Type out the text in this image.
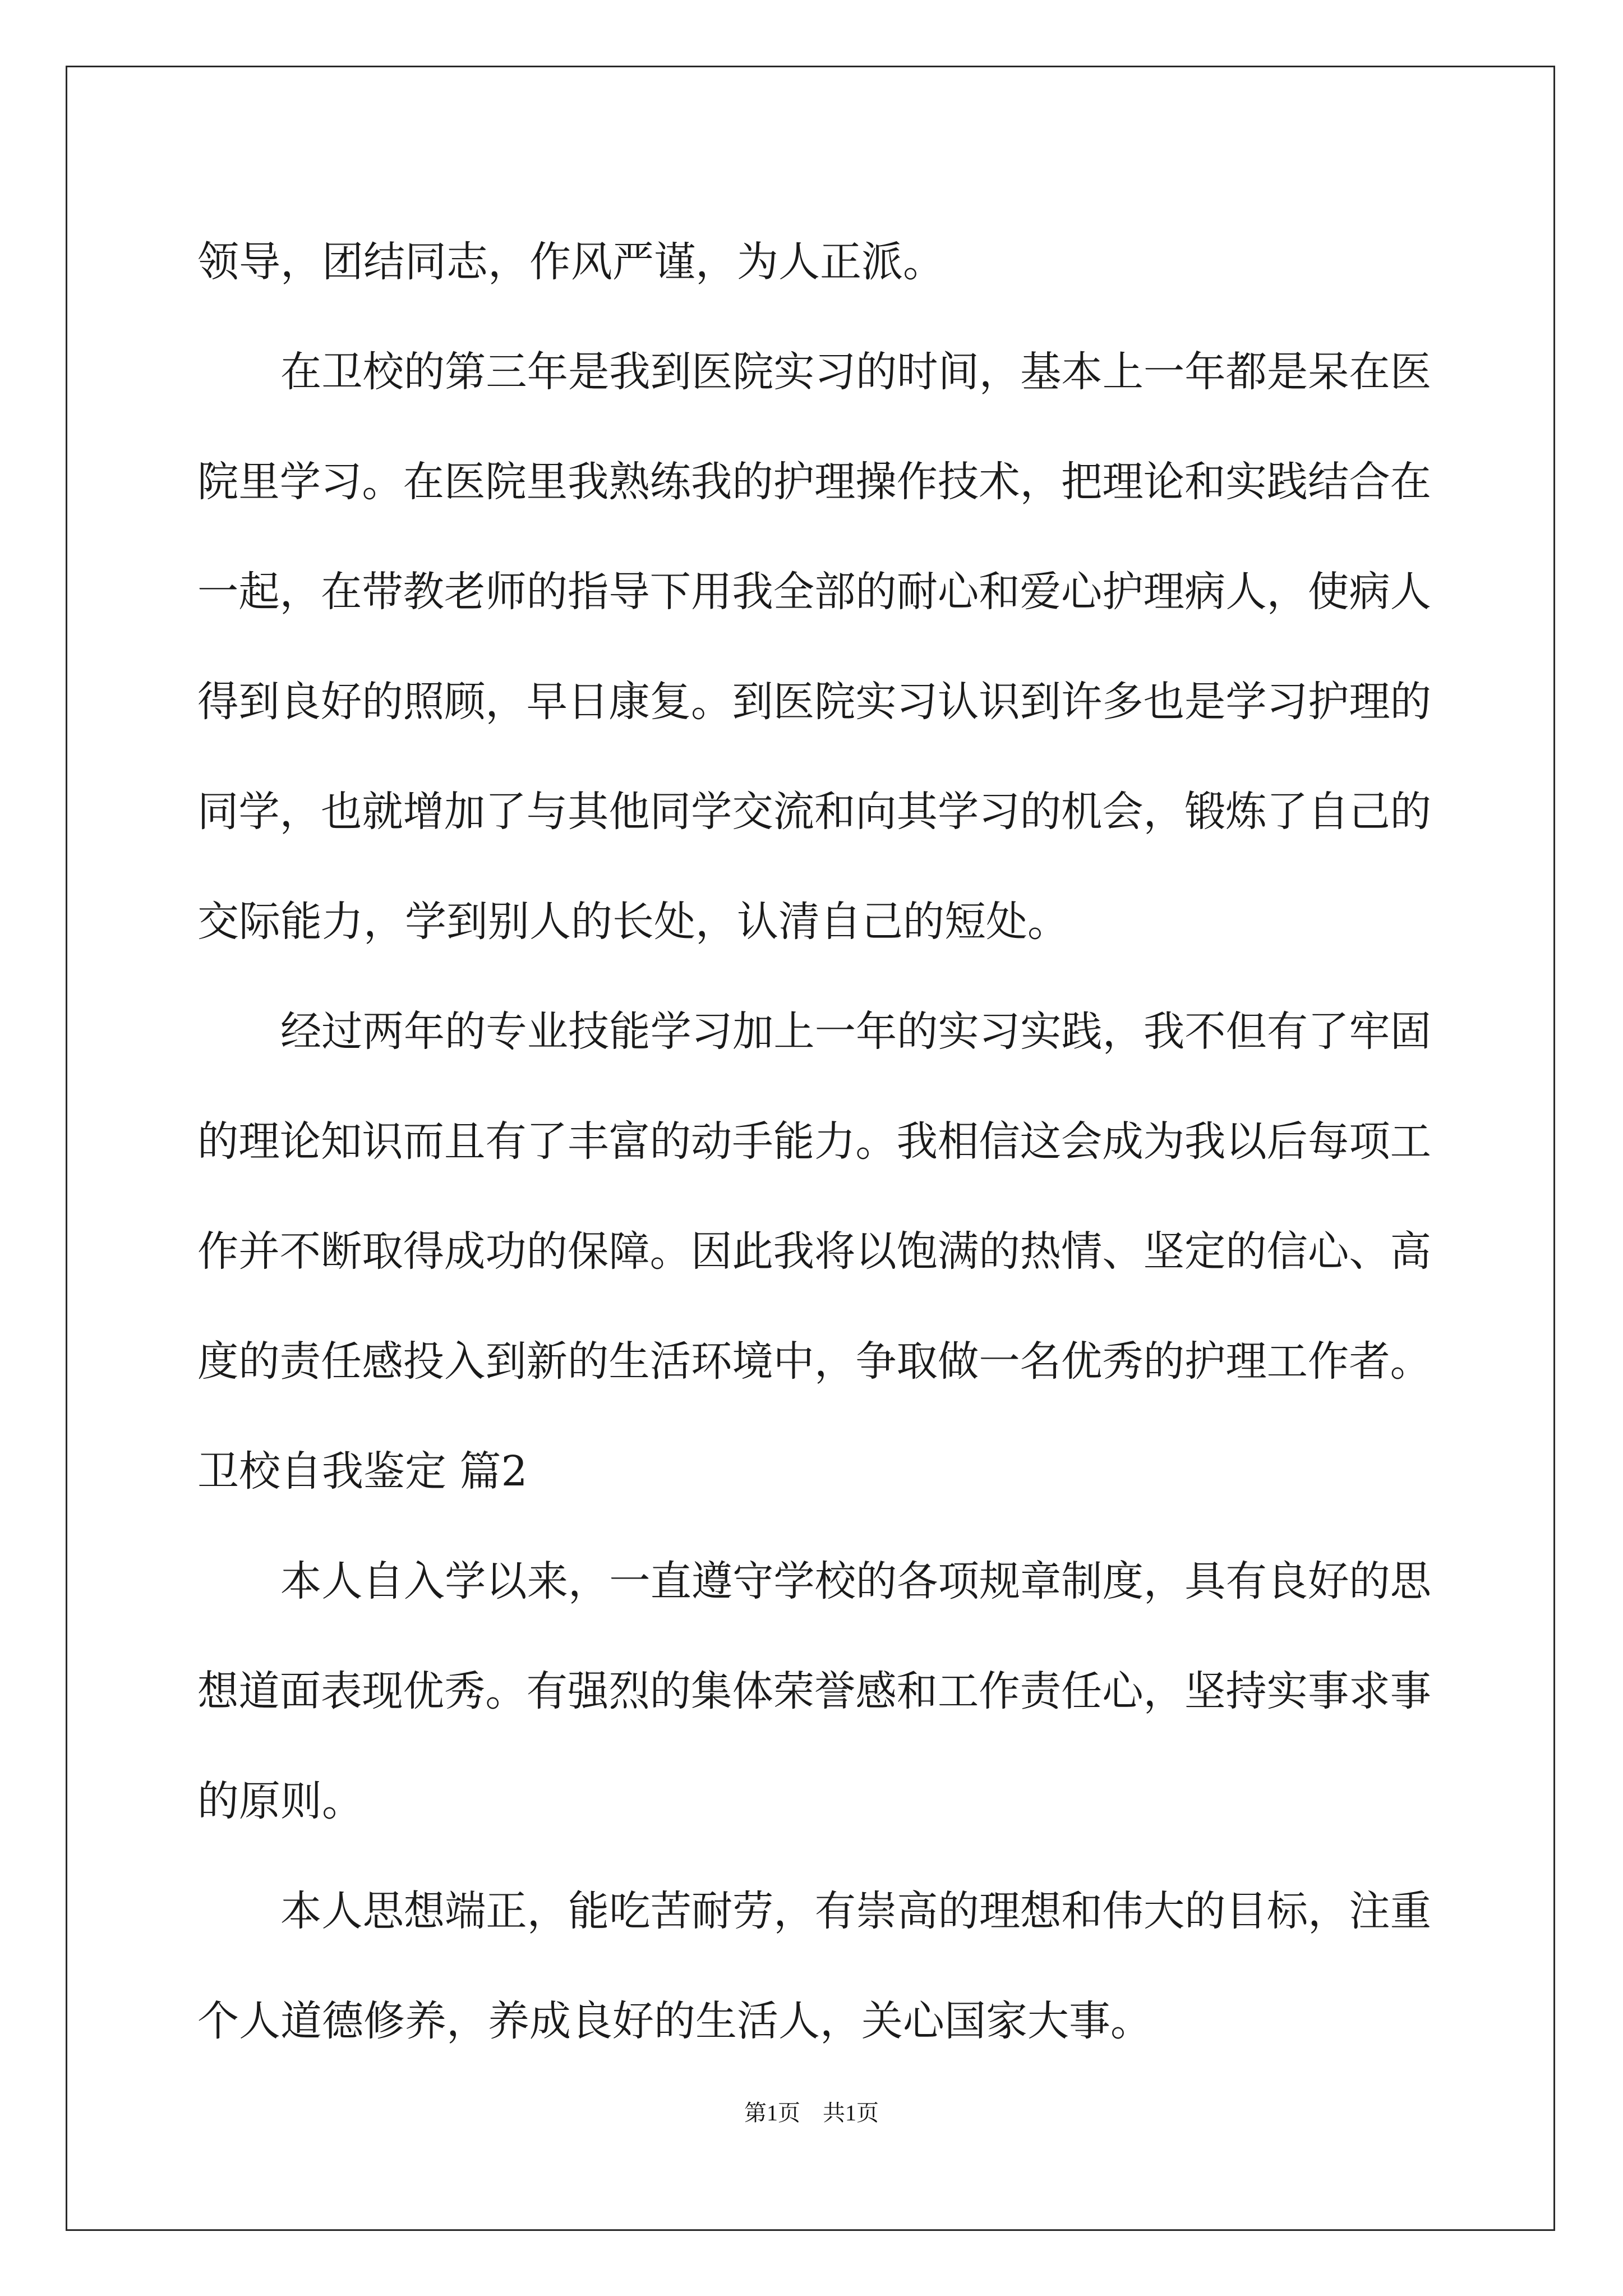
领导，团结同志，作风严谨，为人正派。
在卫校的第三年是我到医院实习的时间，基本上一年都是呆在医
院里学习。在医院里我熟练我的护理操作技术，把理论和实践结合在
一起，在带教老师的指导下用我全部的耐心和爱心护理病人，使病人
得到良好的照顾，早日康复。到医院实习认识到许多也是学习护理的
同学，也就增加了与其他同学交流和向其学习的机会，锻炼了自己的
交际能力，学到别人的长处，认清自己的短处。
经过两年的专业技能学习加上一年的实习实践，我不但有了牢固
的理论知识而且有了丰富的动手能力。我相信这会成为我以后每项工
作并不断取得成功的保障。因此我将以饱满的热情、坚定的信心、高
度的责任感投入到新的生活环境中，争取做一名优秀的护理工作者。
卫校自我鉴定 篇2
本人自入学以来，一直遵守学校的各项规章制度，具有良好的思
想道面表现优秀。有强烈的集体荣誉感和工作责任心，坚持实事求事
的原则。
本人思想端正，能吃苦耐劳，有崇高的理想和伟大的目标，注重
个人道德修养，养成良好的生活人，关心国家大事。
第1页　共1页
